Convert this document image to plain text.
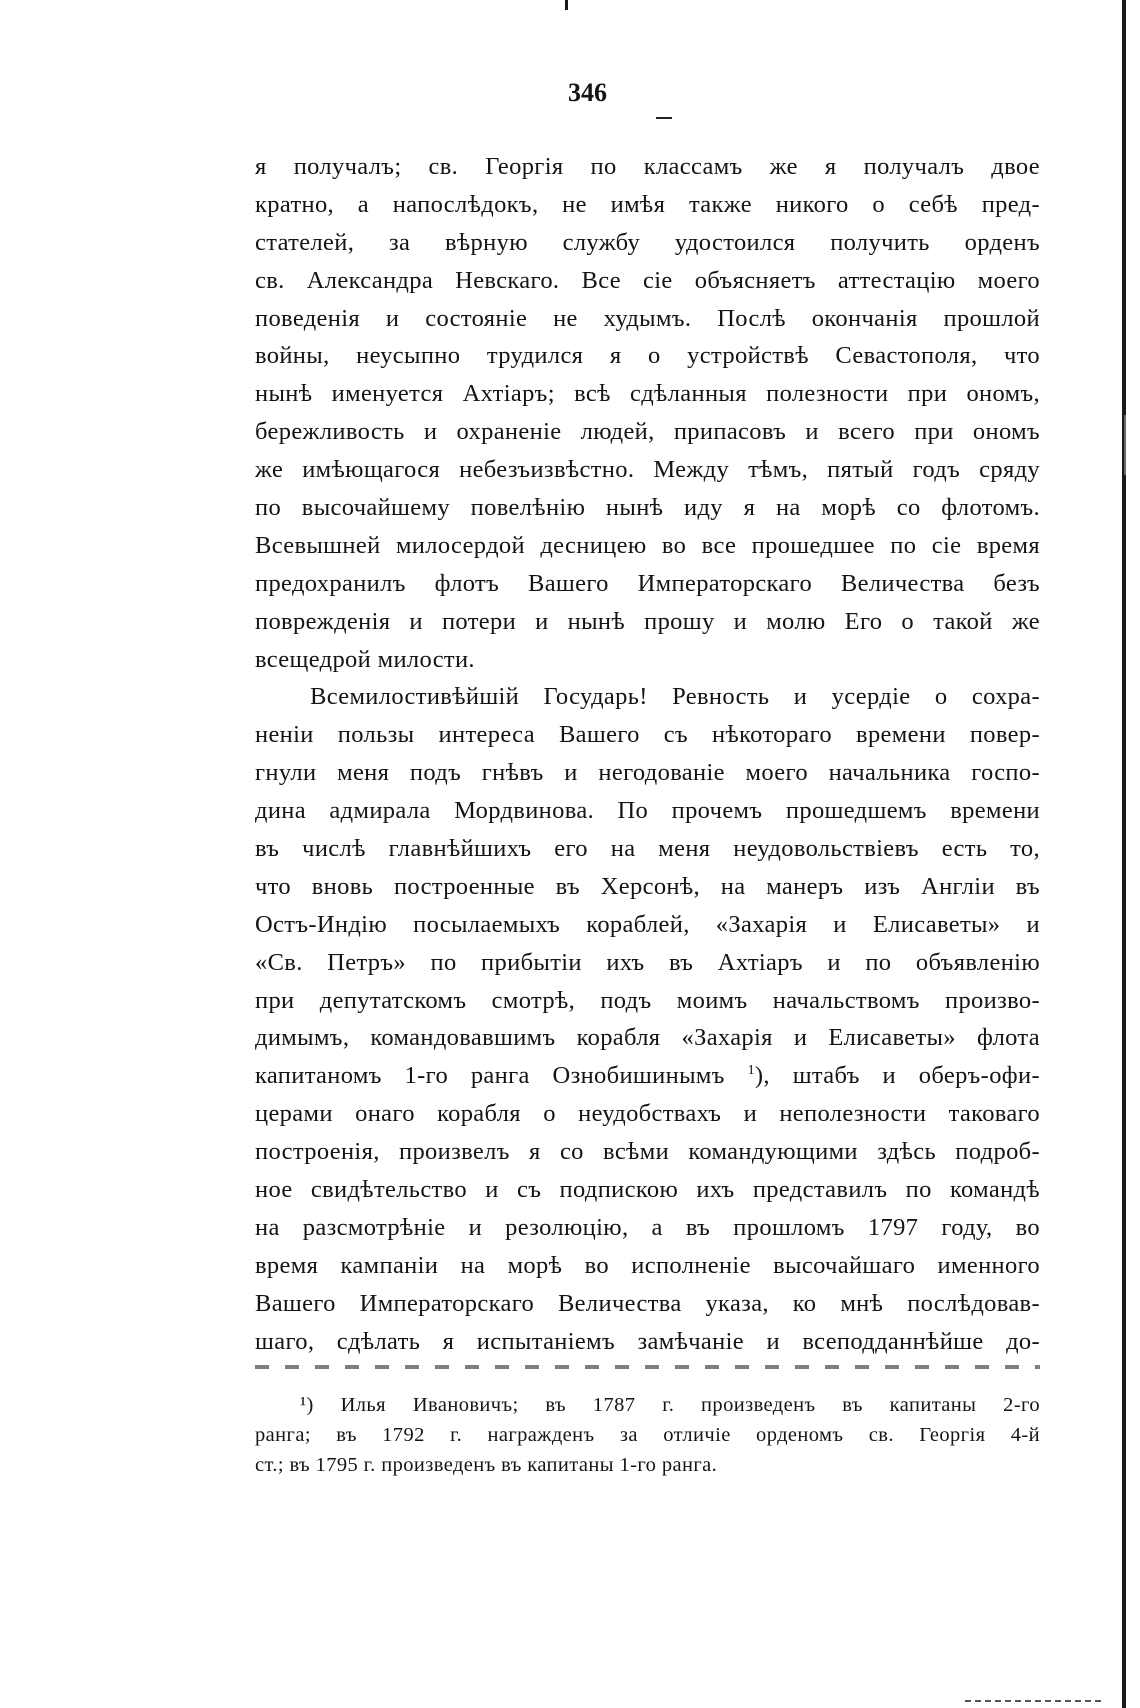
346
я получалъ; св. Георгія по классамъ же я получалъ двое
кратно, а напослѣдокъ, не имѣя также никого о себѣ пред-
стателей, за вѣрную службу удостоился получить орденъ
св. Александра Невскаго. Все сіе объясняетъ аттестацію моего
поведенія и состояніе не худымъ. Послѣ окончанія прошлой
войны, неусыпно трудился я о устройствѣ Севастополя, что
нынѣ именуется Ахтіаръ; всѣ сдѣланныя полезности при ономъ,
бережливость и охраненіе людей, припасовъ и всего при ономъ
же имѣющагося небезъизвѣстно. Между тѣмъ, пятый годъ сряду
по высочайшему повелѣнію нынѣ иду я на морѣ со флотомъ.
Всевышней милосердой десницею во все прошедшее по сіе время
предохранилъ флотъ Вашего Императорскаго Величества безъ
поврежденія и потери и нынѣ прошу и молю Его о такой же
всещедрой милости.
Всемилостивѣйшій Государь! Ревность и усердіе о сохра-
неніи пользы интереса Вашего съ нѣкотораго времени повер-
гнули меня подъ гнѣвъ и негодованіе моего начальника госпо-
дина адмирала Мордвинова. По прочемъ прошедшемъ времени
въ числѣ главнѣйшихъ его на меня неудовольствіевъ есть то,
что вновь построенные въ Херсонѣ, на манеръ изъ Англіи въ
Остъ-Индію посылаемыхъ кораблей, «Захарія и Елисаветы» и
«Св. Петръ» по прибытіи ихъ въ Ахтіаръ и по объявленію
при депутатскомъ смотрѣ, подъ моимъ начальствомъ произво-
димымъ, командовавшимъ корабля «Захарія и Елисаветы» флота
капитаномъ 1-го ранга Ознобишинымъ $^1$), штабъ и оберъ-офи-
церами онаго корабля о неудобствахъ и неполезности таковаго
построенія, произвелъ я со всѣми командующими здѣсь подроб-
ное свидѣтельство и съ подпискою ихъ представилъ по командѣ
на разсмотрѣніе и резолюцію, а въ прошломъ 1797 году, во
время кампаніи на морѣ во исполненіе высочайшаго именного
Вашего Императорскаго Величества указа, ко мнѣ послѣдовав-
шаго, сдѣлать я испытаніемъ замѣчаніе и всеподданнѣйше до-
¹) Илья Ивановичъ; въ 1787 г. произведенъ въ капитаны 2-го
ранга; въ 1792 г. награжденъ за отличіе орденомъ св. Георгія 4-й
ст.; въ 1795 г. произведенъ въ капитаны 1-го ранга.
